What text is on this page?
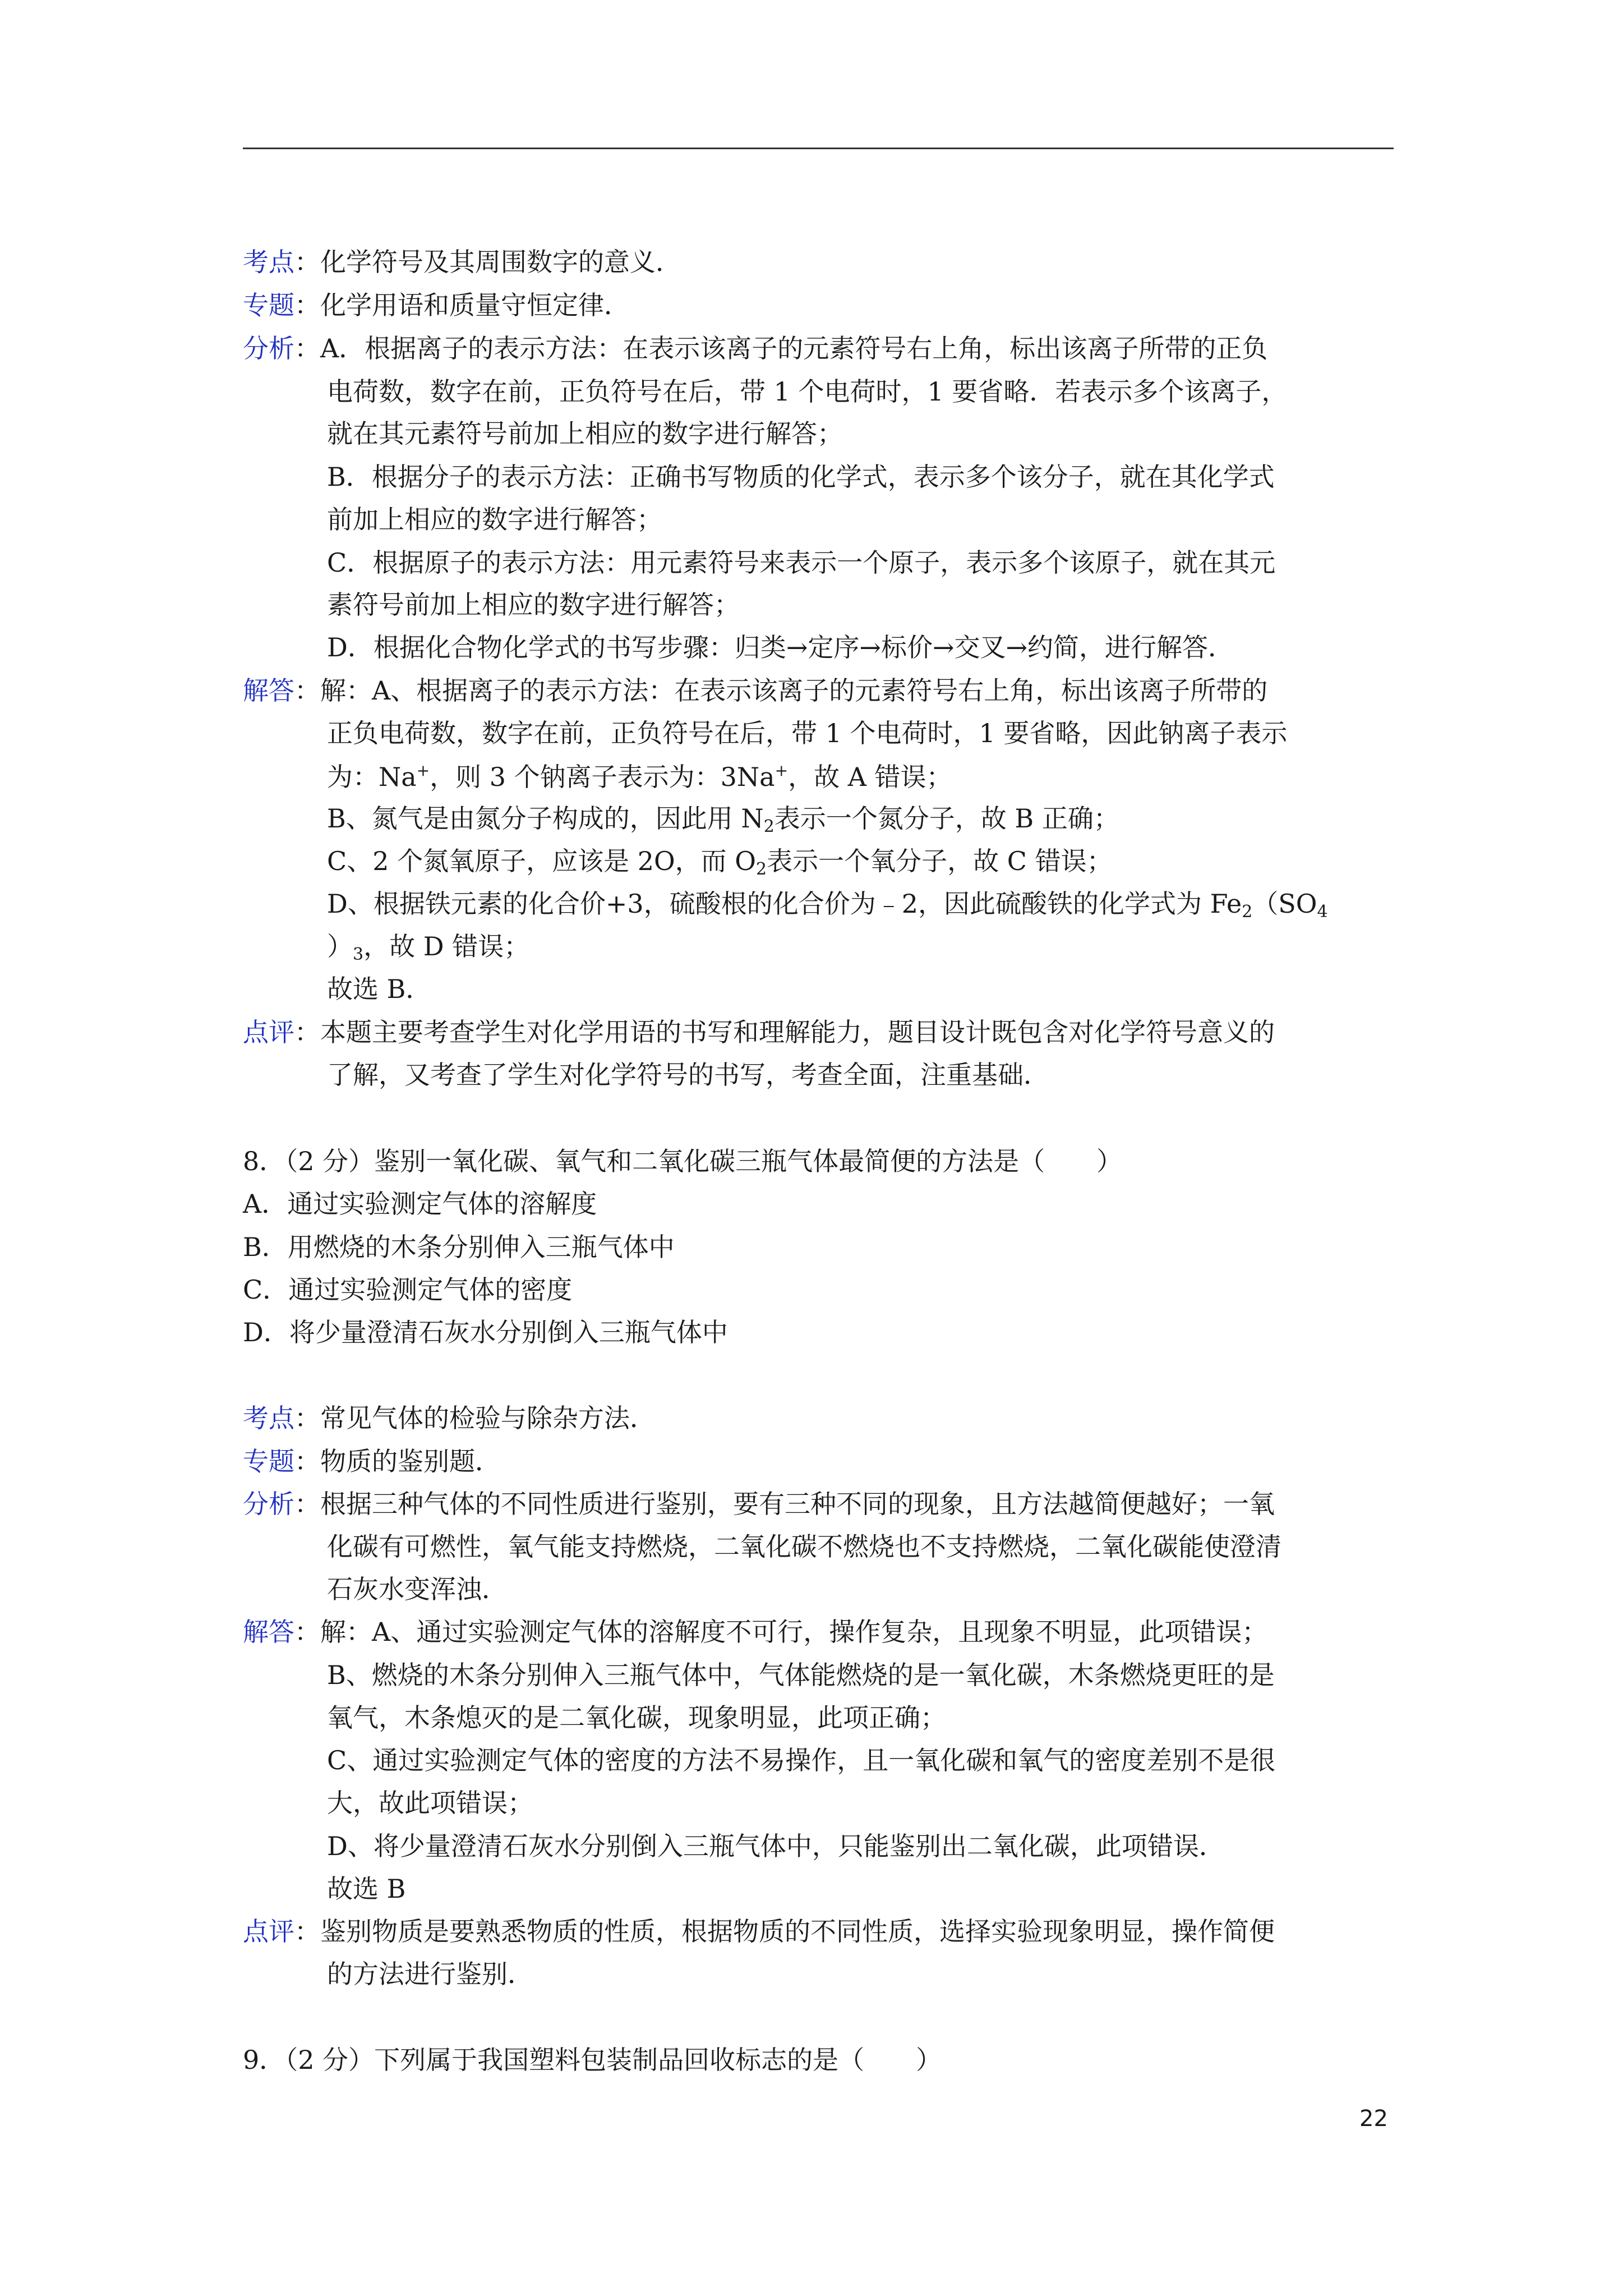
考点：化学符号及其周围数字的意义．
专题：化学用语和质量守恒定律．
分析：A．根据离子的表示方法：在表示该离子的元素符号右上角，标出该离子所带的正负
电荷数，数字在前，正负符号在后，带 1 个电荷时，1 要省略．若表示多个该离子，
就在其元素符号前加上相应的数字进行解答；
B．根据分子的表示方法：正确书写物质的化学式，表示多个该分子，就在其化学式
前加上相应的数字进行解答；
C．根据原子的表示方法：用元素符号来表示一个原子，表示多个该原子，就在其元
素符号前加上相应的数字进行解答；
D．根据化合物化学式的书写步骤：归类→定序→标价→交叉→约简，进行解答．
解答：解：A、根据离子的表示方法：在表示该离子的元素符号右上角，标出该离子所带的
正负电荷数，数字在前，正负符号在后，带 1 个电荷时，1 要省略，因此钠离子表示
为：Na+，则 3 个钠离子表示为：3Na+，故 A 错误；
B、氮气是由氮分子构成的，因此用 $N_2$表示一个氮分子，故 B 正确；
C、2 个氮氧原子，应该是 2O，而 $O_2$表示一个氧分子，故 C 错误；
D、根据铁元素的化合价+3，硫酸根的化合价为﹣2，因此硫酸铁的化学式为 $Fe_2(SO_4$
）$_3$，故 D 错误；
故选 B．
点评：本题主要考查学生对化学用语的书写和理解能力，题目设计既包含对化学符号意义的
了解，又考查了学生对化学符号的书写，考查全面，注重基础．
8．（2 分）鉴别一氧化碳、氧气和二氧化碳三瓶气体最简便的方法是（　　）
A．通过实验测定气体的溶解度
B．用燃烧的木条分别伸入三瓶气体中
C．通过实验测定气体的密度
D．将少量澄清石灰水分别倒入三瓶气体中
考点：常见气体的检验与除杂方法．
专题：物质的鉴别题．
分析：根据三种气体的不同性质进行鉴别，要有三种不同的现象，且方法越简便越好；一氧
化碳有可燃性，氧气能支持燃烧，二氧化碳不燃烧也不支持燃烧，二氧化碳能使澄清
石灰水变浑浊．
解答：解：A、通过实验测定气体的溶解度不可行，操作复杂，且现象不明显，此项错误；
B、燃烧的木条分别伸入三瓶气体中，气体能燃烧的是一氧化碳，木条燃烧更旺的是
氧气，木条熄灭的是二氧化碳，现象明显，此项正确；
C、通过实验测定气体的密度的方法不易操作，且一氧化碳和氧气的密度差别不是很
大，故此项错误；
D、将少量澄清石灰水分别倒入三瓶气体中，只能鉴别出二氧化碳，此项错误．
故选 B
点评：鉴别物质是要熟悉物质的性质，根据物质的不同性质，选择实验现象明显，操作简便
的方法进行鉴别．
9．（2 分）下列属于我国塑料包装制品回收标志的是（　　）
22
